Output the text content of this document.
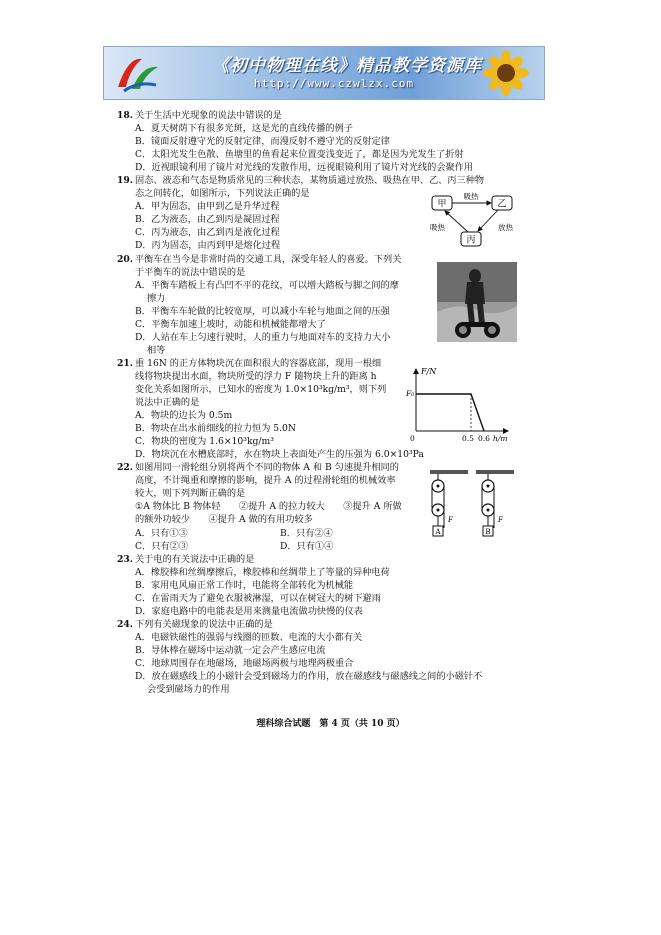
《初中物理在线》精品教学资源库
http://www.czwlzx.com
18. 关于生活中光现象的说法中错误的是
A．夏天树荫下有很多光斑，这是光的直线传播的例子
B．镜面反射遵守光的反射定律，而漫反射不遵守光的反射定律
C．太阳光发生色散、鱼塘里的鱼看起来位置变浅变近了，都是因为光发生了折射
D．近视眼镜利用了镜片对光线的发散作用，远视眼镜利用了镜片对光线的会聚作用
19. 固态、液态和气态是物质常见的三种状态，某物质通过放热、吸热在甲、乙、丙三种物
态之间转化，如图所示，下列说法正确的是
A．甲为固态，由甲到乙是升华过程
B．乙为液态，由乙到丙是凝固过程
C．丙为液态，由乙到丙是液化过程
D．丙为固态，由丙到甲是熔化过程
20. 平衡车在当今是非常时尚的交通工具，深受年轻人的喜爱。下列关
于平衡车的说法中错误的是
A．平衡车踏板上有凸凹不平的花纹，可以增大踏板与脚之间的摩
擦力
B．平衡车车轮做的比较宽厚，可以减小车轮与地面之间的压强
C．平衡车加速上坡时，动能和机械能都增大了
D．人站在车上匀速行驶时，人的重力与地面对车的支持力大小
相等
21. 重 16N 的正方体物块沉在面积很大的容器底部，现用一根细
线将物块提出水面，物块所受的浮力 F 随物块上升的距离 h
变化关系如图所示，已知水的密度为 1.0×10³kg/m³，则下列
说法中正确的是
A．物块的边长为 0.5m
B．物块在出水前细线的拉力恒为 5.0N
C．物块的密度为 1.6×10³kg/m³
D．物块沉在水槽底部时，水在物块上表面处产生的压强为 6.0×10³Pa
22. 如图用同一滑轮组分别将两个不同的物体 A 和 B 匀速提升相同的
高度，不计绳重和摩擦的影响，提升 A 的过程滑轮组的机械效率
较大，则下列判断正确的是
①A 物体比 B 物体轻　　②提升 A 的拉力较大　　③提升 A 所做
的额外功较少　　④提升 A 做的有用功较多
A．只有①③	B．只有②④
C．只有②③	D．只有①④
23. 关于电的有关说法中正确的是
A．橡胶棒和丝绸摩擦后，橡胶棒和丝绸带上了等量的异种电荷
B．家用电风扇正常工作时，电能将全部转化为机械能
C．在雷雨天为了避免衣服被淋湿，可以在树冠大的树下避雨
D．家庭电路中的电能表是用来测量电流做功快慢的仪表
24. 下列有关磁现象的说法中正确的是
A．电磁铁磁性的强弱与线圈的匝数、电流的大小都有关
B．导体棒在磁场中运动就一定会产生感应电流
C．地球周围存在地磁场，地磁场两极与地理两极重合
D．放在磁感线上的小磁针会受到磁场力的作用，放在磁感线与磁感线之间的小磁针不
会受到磁场力的作用
甲	乙
丙
吸热
吸热	放热
F/N
F₀
0	0.5 0.6 h/m
A
F
B
F
理科综合试题　第 4 页（共 10 页）
